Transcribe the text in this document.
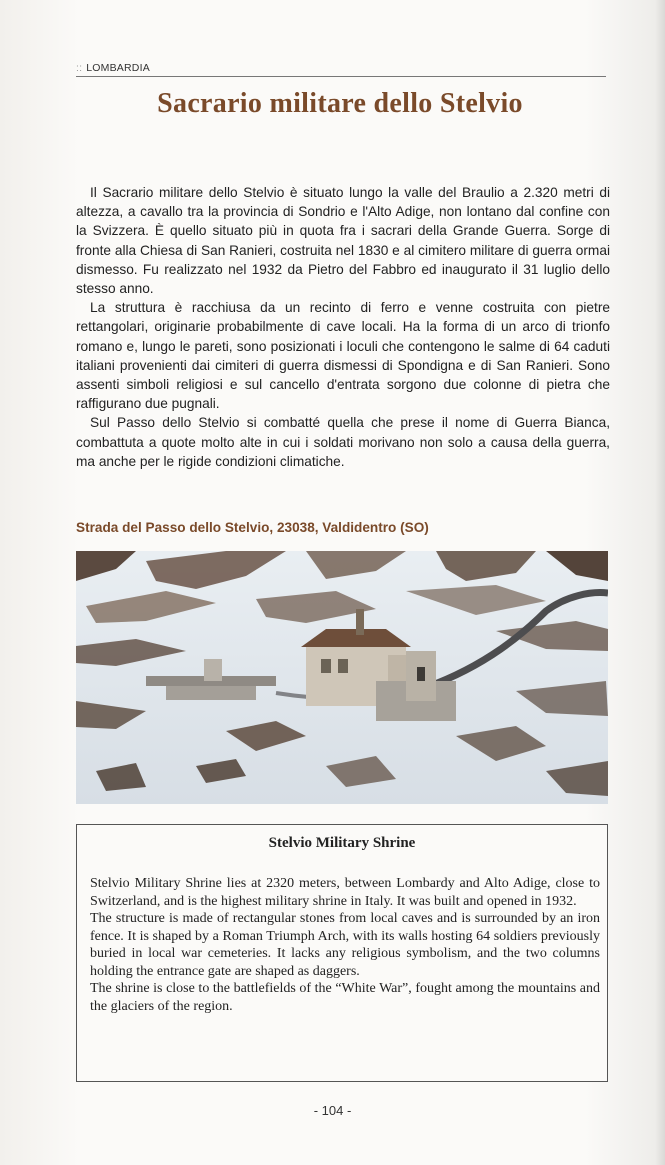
:: LOMBARDIA
Sacrario militare dello Stelvio

Il Sacrario militare dello Stelvio è situato lungo la valle del Braulio a 2.320 metri di altezza, a cavallo tra la provincia di Sondrio e l'Alto Adige, non lontano dal confine con la Svizzera. È quello situato più in quota fra i sacrari della Grande Guerra. Sorge di fronte alla Chiesa di San Ranieri, costruita nel 1830 e al cimitero militare di guerra ormai dismesso. Fu realizzato nel 1932 da Pietro del Fabbro ed inaugurato il 31 luglio dello stesso anno.

La struttura è racchiusa da un recinto di ferro e venne costruita con pietre rettangolari, originarie probabilmente di cave locali. Ha la forma di un arco di trionfo romano e, lungo le pareti, sono posizionati i loculi che contengono le salme di 64 caduti italiani provenienti dai cimiteri di guerra dismessi di Spondigna e di San Ranieri. Sono assenti simboli religiosi e sul cancello d'entrata sorgono due colonne di pietra che raffigurano due pugnali.

Sul Passo dello Stelvio si combatté quella che prese il nome di Guerra Bianca, combattuta a quote molto alte in cui i soldati morivano non solo a causa della guerra, ma anche per le rigide condizioni climatiche.

Strada del Passo dello Stelvio, 23038, Valdidentro (SO)
Stelvio Military Shrine

Stelvio Military Shrine lies at 2320 meters, between Lombardy and Alto Adige, close to Switzerland, and is the highest military shrine in Italy. It was built and opened in 1932.

The structure is made of rectangular stones from local caves and is surrounded by an iron fence. It is shaped by a Roman Triumph Arch, with its walls hosting 64 soldiers previously buried in local war cemeteries. It lacks any religious symbolism, and the two columns holding the entrance gate are shaped as daggers.

The shrine is close to the battlefields of the “White War”, fought among the mountains and the glaciers of the region.

- 104 -
